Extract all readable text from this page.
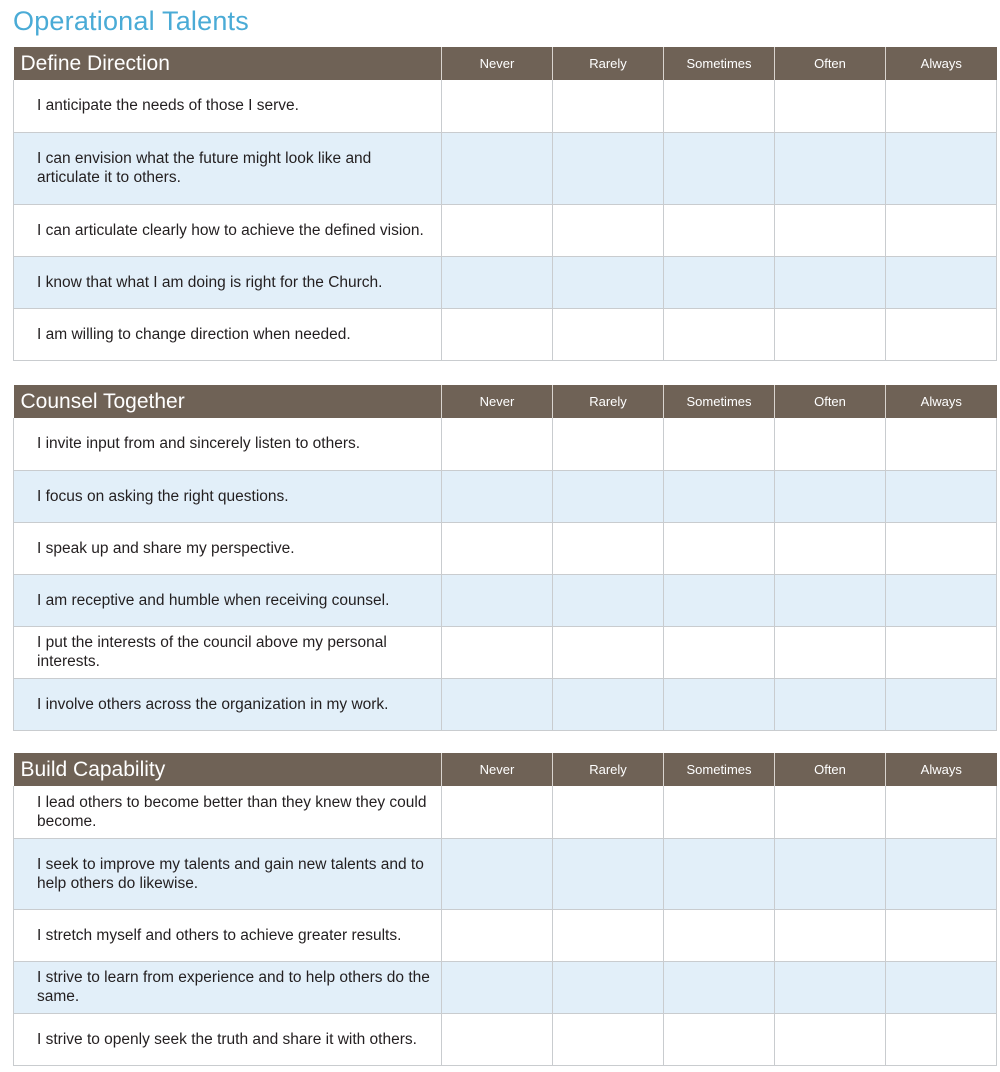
Operational Talents
Define Direction	Never	Rarely	Sometimes	Often	Always
I anticipate the needs of those I serve.					
I can envision what the future might look like and articulate it to others.					
I can articulate clearly how to achieve the defined vision.					
I know that what I am doing is right for the Church.					
I am willing to change direction when needed.					
Counsel Together	Never	Rarely	Sometimes	Often	Always
I invite input from and sincerely listen to others.					
I focus on asking the right questions.					
I speak up and share my perspective.					
I am receptive and humble when receiving counsel.					
I put the interests of the council above my personal interests.					
I involve others across the organization in my work.					
Build Capability	Never	Rarely	Sometimes	Often	Always
I lead others to become better than they knew they could become.					
I seek to improve my talents and gain new talents and to help others do likewise.					
I stretch myself and others to achieve greater results.					
I strive to learn from experience and to help others do the same.					
I strive to openly seek the truth and share it with others.					
